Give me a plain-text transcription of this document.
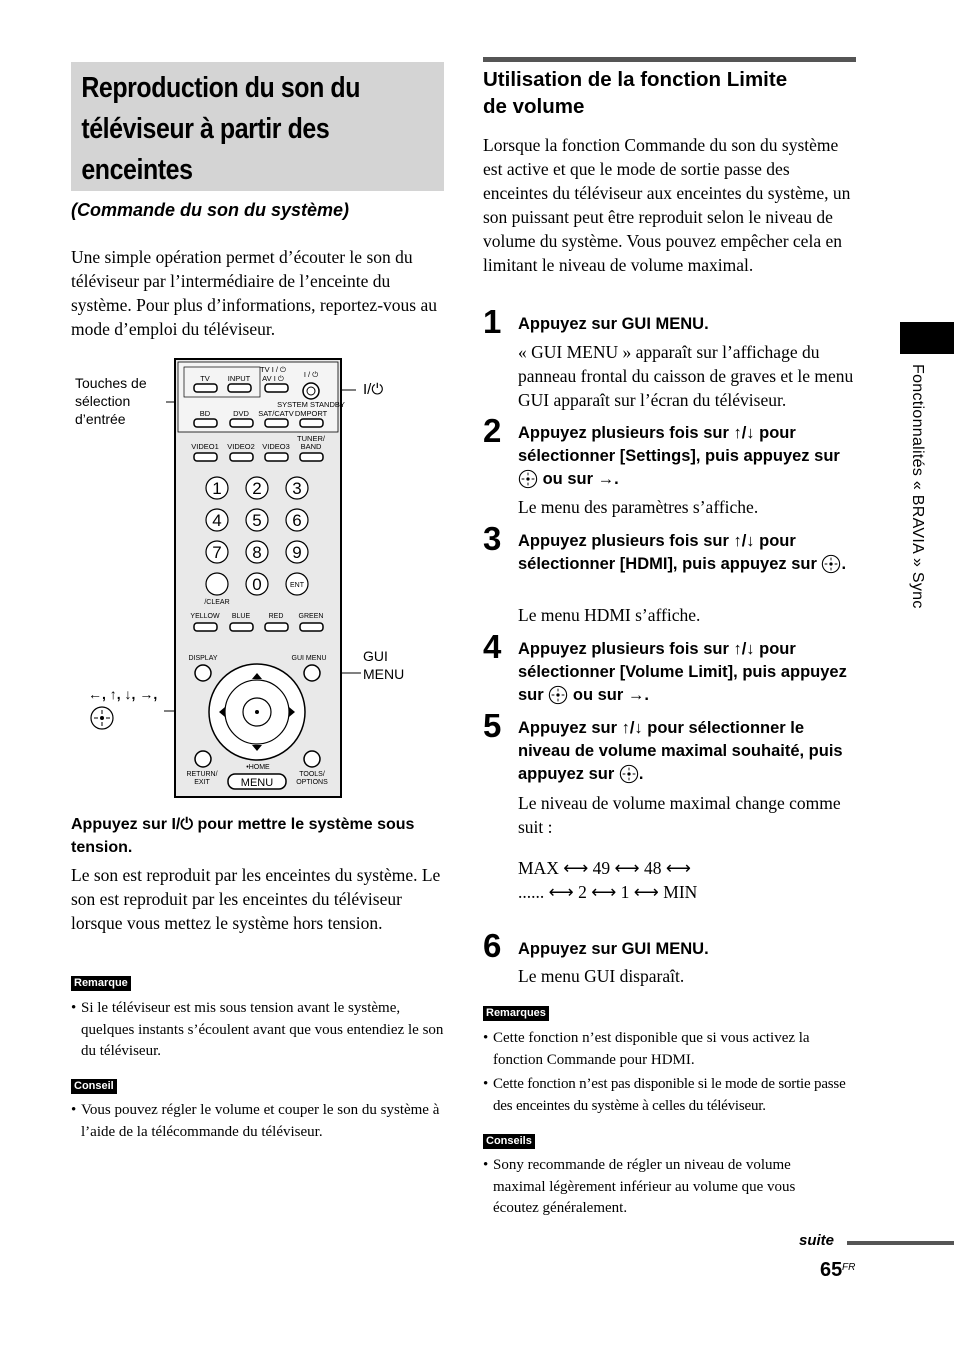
Reproduction du son du téléviseur à partir des enceintes
(Commande du son du système)
Une simple opération permet d’écouter le son du téléviseur par l’intermédiaire de l’enceinte du système. Pour plus d’informations, reportez-vous au mode d’emploi du téléviseur.
Touches de sélection d’entrée
I/⏻
GUI MENU
←, ↑, ↓, →,
TV INPUT
TV I / ⏻
AV I ⏻	I / ⏻
BD	DVD SAT/CATV
SYSTEM STANDBY
DMPORT
VIDEO1 VIDEO2 VIDEO3
TUNER/
BAND
1 2 3
4 5 6
7 8 9
0	ENT
/CLEAR
YELLOW BLUE	RED GREEN
DISPLAY	GUI MENU
RETURN/
EXIT
•HOME
TOOLS/
OPTIONS
MENU
Appuyez sur I/⏻ pour mettre le système sous tension.
Le son est reproduit par les enceintes du système. Le son est reproduit par les enceintes du téléviseur lorsque vous mettez le système hors tension.
Remarque
• Si le téléviseur est mis sous tension avant le système, quelques instants s’écoulent avant que vous entendiez le son du téléviseur.
Conseil
• Vous pouvez régler le volume et couper le son du système à l’aide de la télécommande du téléviseur.
Utilisation de la fonction Limite de volume
Lorsque la fonction Commande du son du système est active et que le mode de sortie passe des enceintes du téléviseur aux enceintes du système, un son puissant peut être reproduit selon le niveau de volume du système. Vous pouvez empêcher cela en limitant le niveau de volume maximal.
1 Appuyez sur GUI MENU.
« GUI MENU » apparaît sur l’affichage du panneau frontal du caisson de graves et le menu GUI apparaît sur l’écran du téléviseur.
2 Appuyez plusieurs fois sur ↑/↓ pour sélectionner [Settings], puis appuyez sur  ou sur →.
Le menu des paramètres s’affiche.
3 Appuyez plusieurs fois sur ↑/↓ pour sélectionner [HDMI], puis appuyez sur .
Le menu HDMI s’affiche.
4 Appuyez plusieurs fois sur ↑/↓ pour sélectionner [Volume Limit], puis appuyez sur ou sur →.
5 Appuyez sur ↑/↓ pour sélectionner le niveau de volume maximal souhaité, puis appuyez sur .
Le niveau de volume maximal change comme suit :
MAX ⟷ 49 ⟷ 48 ⟷
...... ⟷ 2 ⟷ 1 ⟷ MIN
6 Appuyez sur GUI MENU.
Le menu GUI disparaît.
Remarques
• Cette fonction n’est disponible que si vous activez la fonction Commande pour HDMI.
• Cette fonction n’est pas disponible si le mode de sortie passe des enceintes du système à celles du téléviseur.
Conseils
• Sony recommande de régler un niveau de volume maximal légèrement inférieur au volume que vous écoutez généralement.
Fonctionnalités « BRAVIA » Sync
suite
65 FR
